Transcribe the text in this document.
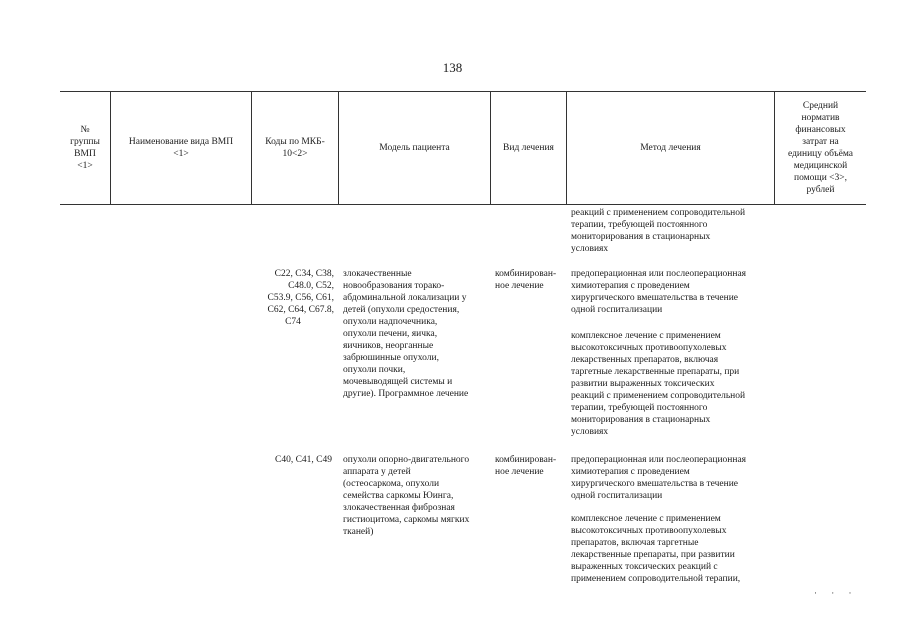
138
№
группы
ВМП
<1>
Наименование вида ВМП
<1>
Коды по МКБ-
10<2>
Модель пациента	Вид лечения	Метод лечения
Средний
норматив
финансовых
затрат на
единицу объёма
медицинской
помощи <3>,
рублей

реакций с применением сопроводительной

терапии, требующей постоянного

мониторирования в стационарных

условиях

C22, C34, C38,

C48.0, C52,

C53.9, C56, C61,

C62, C64, C67.8,

C74

злокачественные

новообразования торако-

абдоминальной локализации у

детей (опухоли средостения,

опухоли надпочечника,

опухоли печени, яичка,

яичников, неорганные

забрюшинные опухоли,

опухоли почки,

мочевыводящей системы и

другие). Программное лечение

комбинирован-

ное лечение

предоперационная или послеоперационная

химиотерапия с проведением

хирургического вмешательства в течение

одной госпитализации

комплексное лечение с применением

высокотоксичных противоопухолевых

лекарственных препаратов, включая

таргетные лекарственные препараты, при

развитии выраженных токсических

реакций с применением сопроводительной

терапии, требующей постоянного

мониторирования в стационарных

условиях

C40, C41, C49 опухоли опорно-двигательного

аппарата у детей

(остеосаркома, опухоли

семейства саркомы Юинга,

злокачественная фиброзная

гистиоцитома, саркомы мягких

тканей)

комбинирован-

ное лечение

предоперационная или послеоперационная

химиотерапия с проведением

хирургического вмешательства в течение

одной госпитализации

комплексное лечение с применением

высокотоксичных противоопухолевых

препаратов, включая таргетные

лекарственные препараты, при развитии

выраженных токсических реакций с

применением сопроводительной терапии,

· · ·
